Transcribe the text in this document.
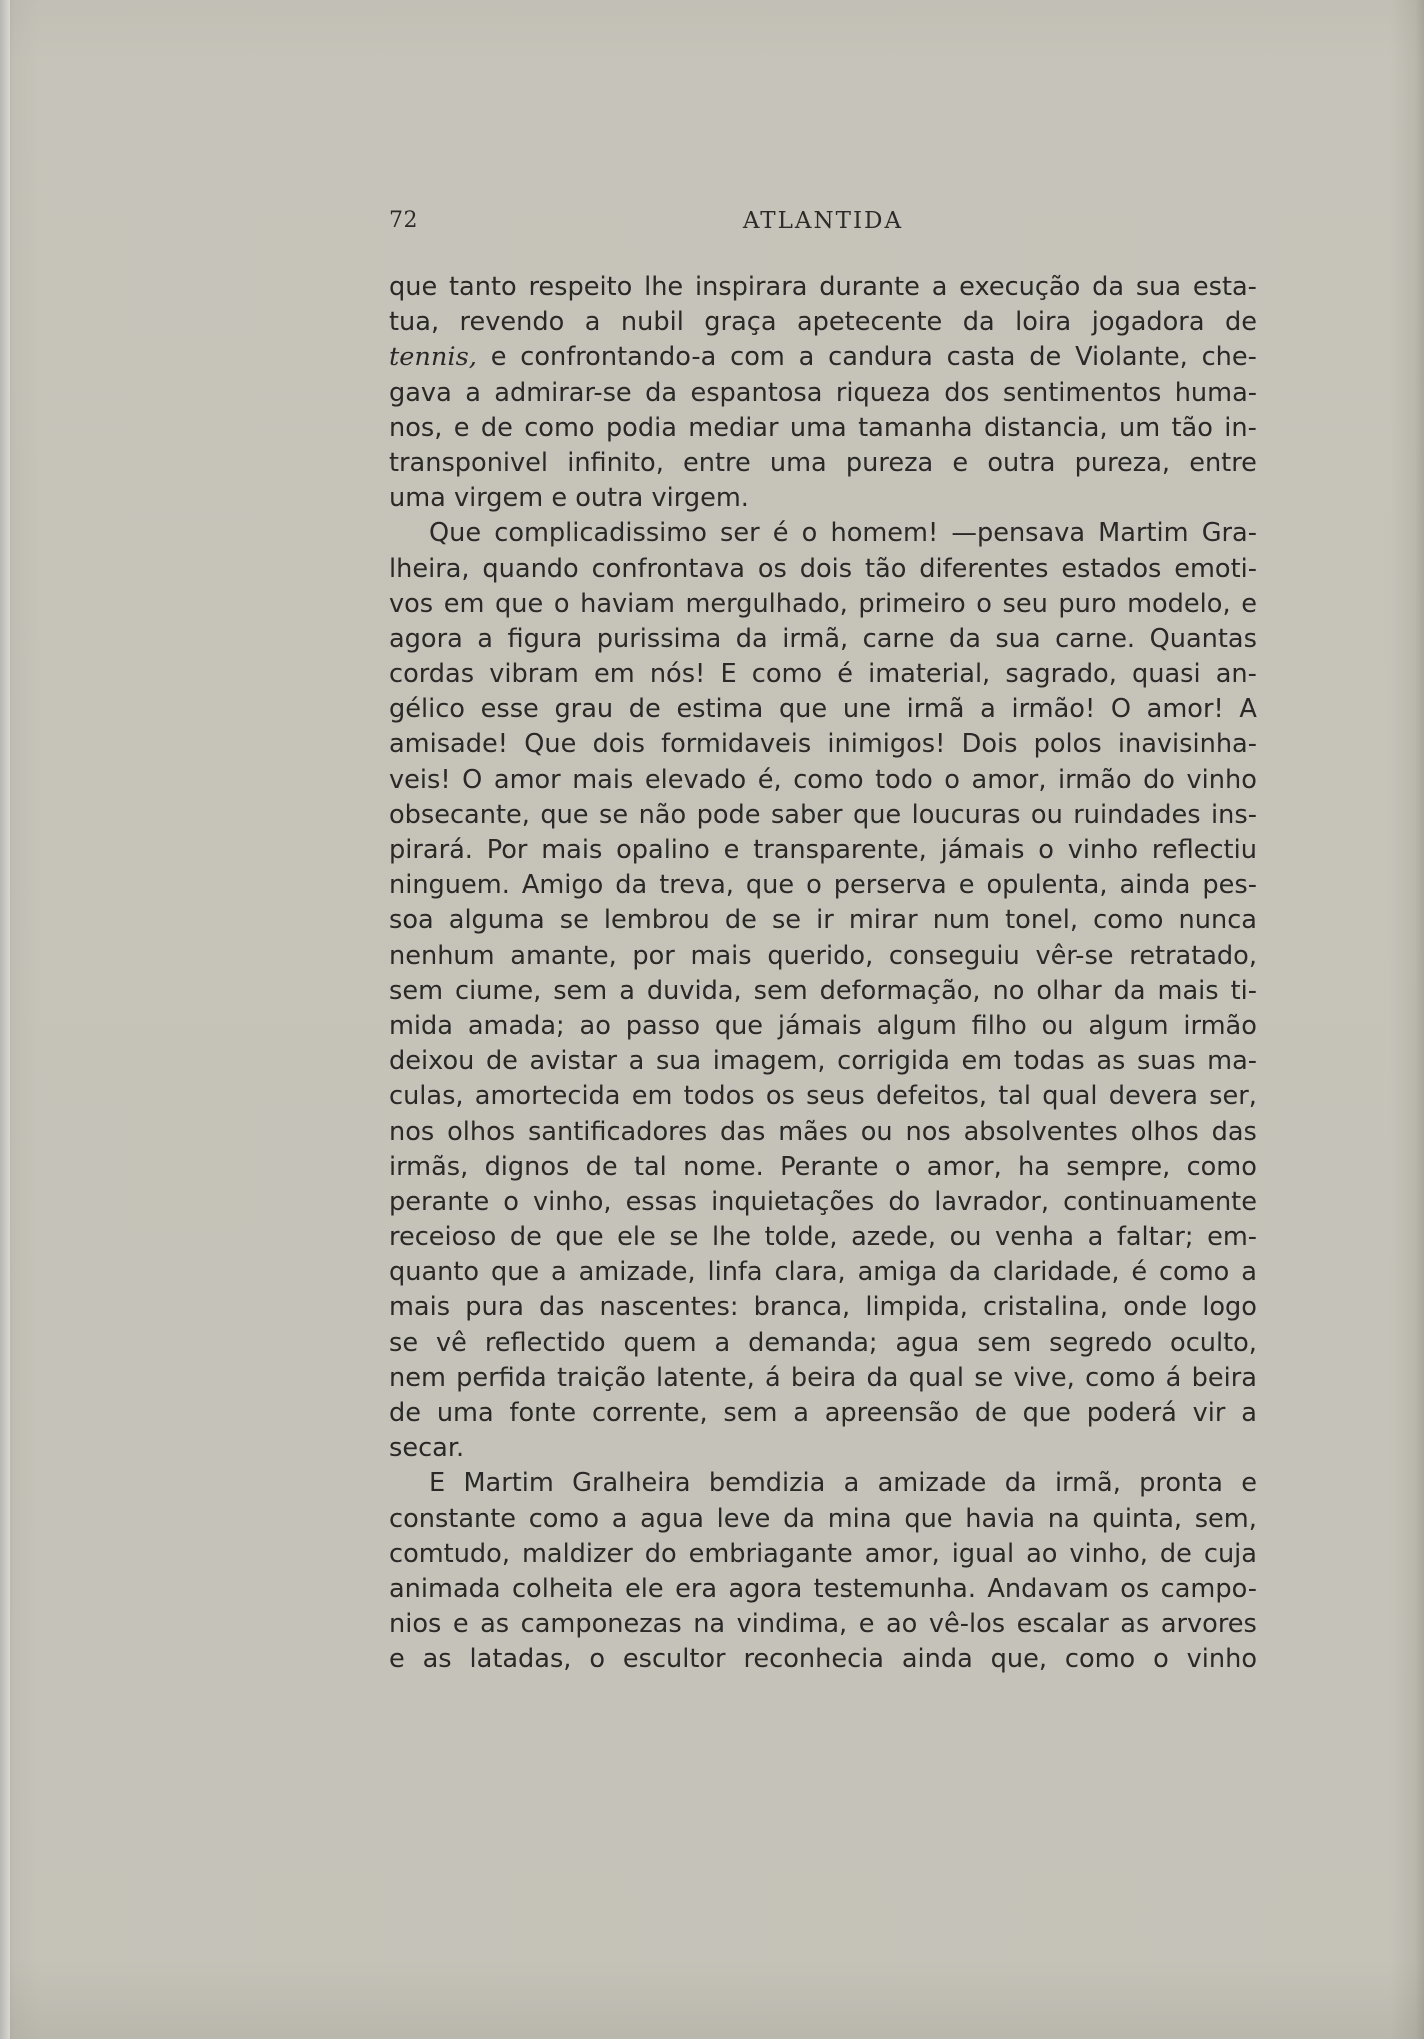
72	ATLANTIDA
que tanto respeito lhe inspirara durante a execução da sua esta-
tua, revendo a nubil graça apetecente da loira jogadora de
tennis, e confrontando-a com a candura casta de Violante, che-
gava a admirar-se da espantosa riqueza dos sentimentos huma-
nos, e de como podia mediar uma tamanha distancia, um tão in-
transponivel infinito, entre uma pureza e outra pureza, entre
uma virgem e outra virgem.
Que complicadissimo ser é o homem! —pensava Martim Gra-
lheira, quando confrontava os dois tão diferentes estados emoti-
vos em que o haviam mergulhado, primeiro o seu puro modelo, e
agora a figura purissima da irmã, carne da sua carne. Quantas
cordas vibram em nós! E como é imaterial, sagrado, quasi an-
gélico esse grau de estima que une irmã a irmão! O amor! A
amisade! Que dois formidaveis inimigos! Dois polos inavisinha-
veis! O amor mais elevado é, como todo o amor, irmão do vinho
obsecante, que se não pode saber que loucuras ou ruindades ins-
pirará. Por mais opalino e transparente, jámais o vinho reflectiu
ninguem. Amigo da treva, que o perserva e opulenta, ainda pes-
soa alguma se lembrou de se ir mirar num tonel, como nunca
nenhum amante, por mais querido, conseguiu vêr-se retratado,
sem ciume, sem a duvida, sem deformação, no olhar da mais ti-
mida amada; ao passo que jámais algum filho ou algum irmão
deixou de avistar a sua imagem, corrigida em todas as suas ma-
culas, amortecida em todos os seus defeitos, tal qual devera ser,
nos olhos santificadores das mães ou nos absolventes olhos das
irmãs, dignos de tal nome. Perante o amor, ha sempre, como
perante o vinho, essas inquietações do lavrador, continuamente
receioso de que ele se lhe tolde, azede, ou venha a faltar; em-
quanto que a amizade, linfa clara, amiga da claridade, é como a
mais pura das nascentes: branca, limpida, cristalina, onde logo
se vê reflectido quem a demanda; agua sem segredo oculto,
nem perfida traição latente, á beira da qual se vive, como á beira
de uma fonte corrente, sem a apreensão de que poderá vir a
secar.
E Martim Gralheira bemdizia a amizade da irmã, pronta e
constante como a agua leve da mina que havia na quinta, sem,
comtudo, maldizer do embriagante amor, igual ao vinho, de cuja
animada colheita ele era agora testemunha. Andavam os campo-
nios e as camponezas na vindima, e ao vê-los escalar as arvores
e as latadas, o escultor reconhecia ainda que, como o vinho
